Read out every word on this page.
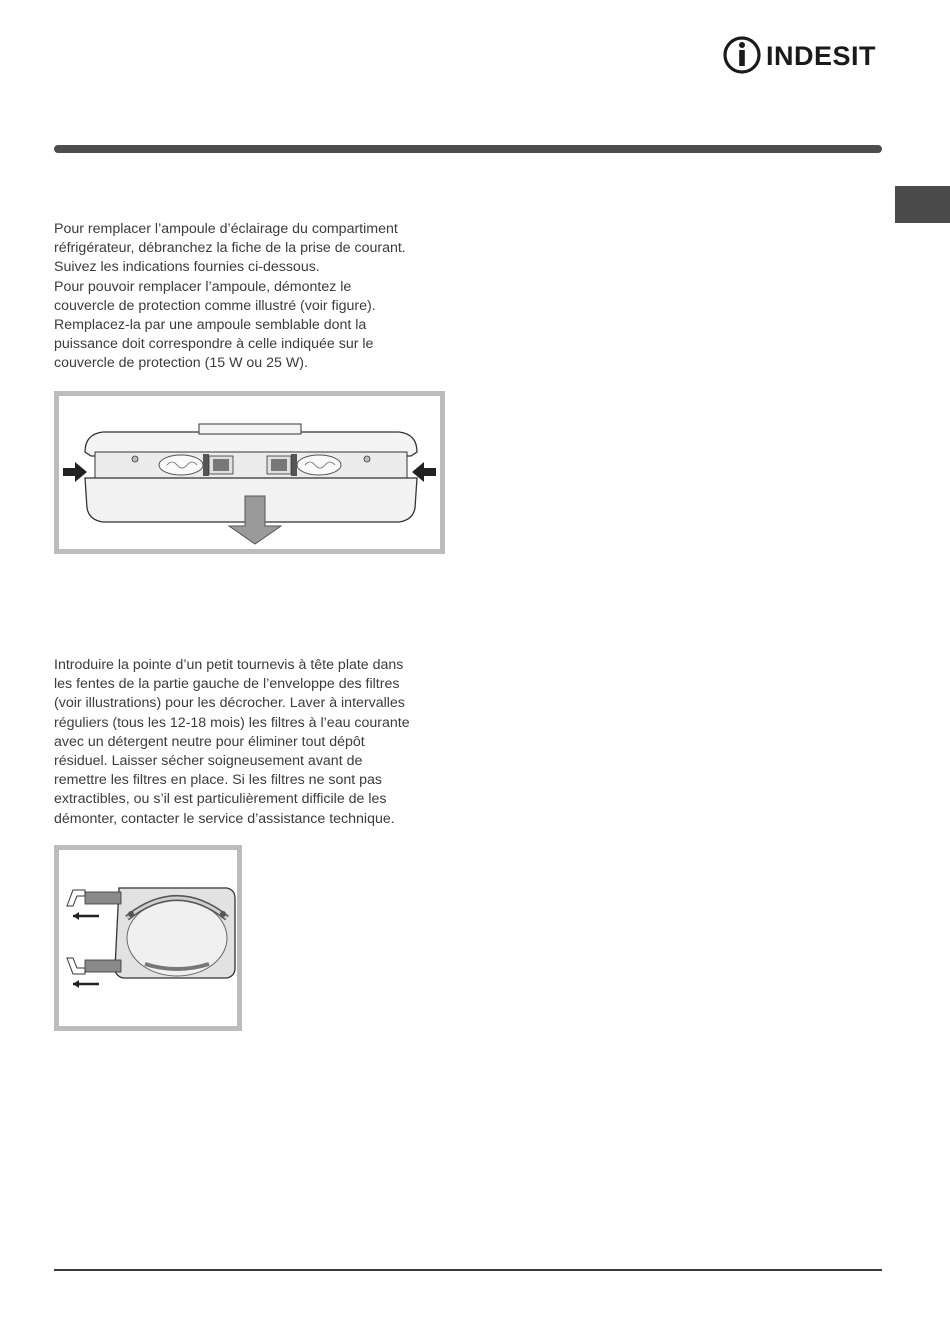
INDESIT
Pour remplacer l’ampoule d’éclairage du compartiment
réfrigérateur, débranchez la fiche de la prise de courant.
Suivez les indications fournies ci-dessous.
Pour pouvoir remplacer l’ampoule, démontez le
couvercle de protection comme illustré (voir figure).
Remplacez-la par une ampoule semblable dont la
puissance doit correspondre à celle indiquée sur le
couvercle de protection (15 W ou 25 W).
Introduire la pointe d’un petit tournevis à tête plate dans
les fentes de la partie gauche de l’enveloppe des filtres
(voir illustrations) pour les décrocher. Laver à intervalles
réguliers (tous les 12-18 mois) les filtres à l’eau courante
avec un détergent neutre pour éliminer tout dépôt
résiduel. Laisser sécher soigneusement avant de
remettre les filtres en place. Si les filtres ne sont pas
extractibles, ou s’il est particulièrement difficile de les
démonter, contacter le service d’assistance technique.
